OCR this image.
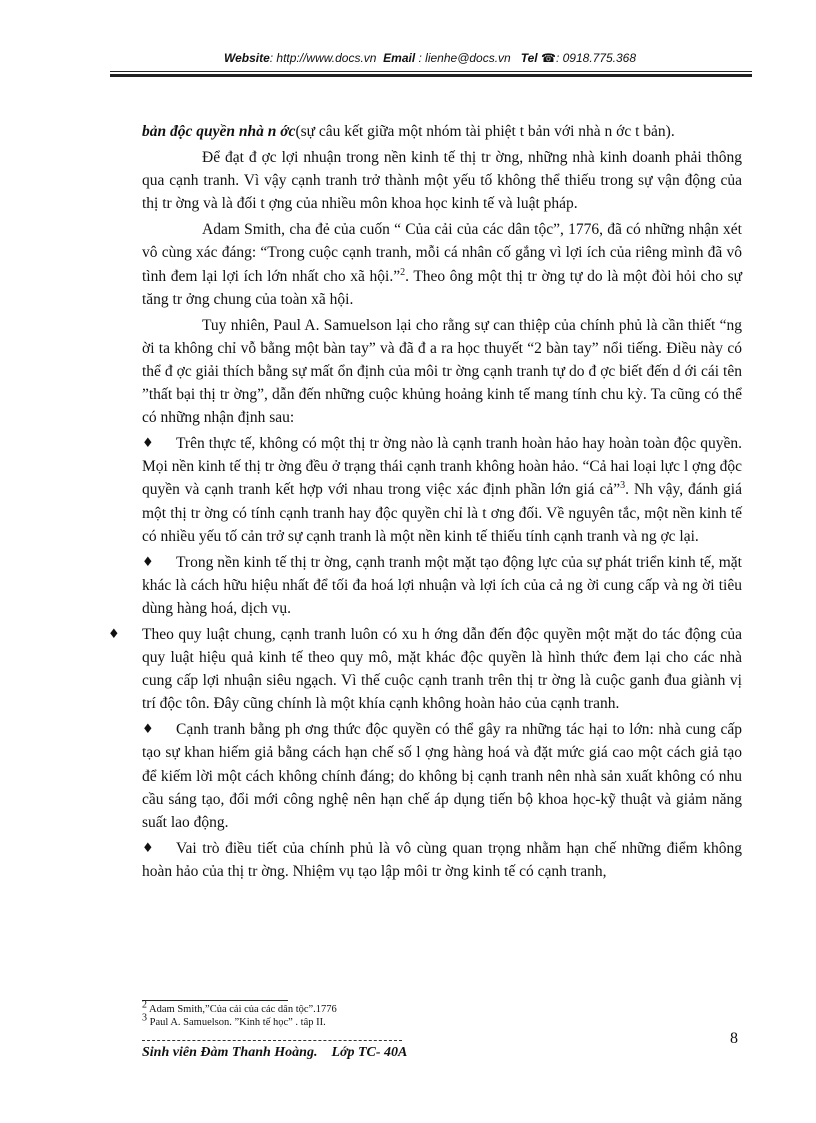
Website: http://www.docs.vn Email : lienhe@docs.vn Tel ☎: 0918.775.368

bản độc quyền nhà n ớc(sự câu kết giữa một nhóm tài phiệt t bản với nhà n ớc t bản).

Để đạt đ ợc lợi nhuận trong nền kinh tế thị tr ờng, những nhà kinh doanh phải thông qua cạnh tranh. Vì vậy cạnh tranh trở thành một yếu tố không thể thiếu trong sự vận động của thị tr ờng và là đối t ợng của nhiều môn khoa học kinh tế và luật pháp.

Adam Smith, cha đẻ của cuốn “ Của cải của các dân tộc”, 1776, đã có những nhận xét vô cùng xác đáng: “Trong cuộc cạnh tranh, mỗi cá nhân cố gắng vì lợi ích của riêng mình đã vô tình đem lại lợi ích lớn nhất cho xã hội.”$^2$. Theo ông một thị tr ờng tự do là một đòi hỏi cho sự tăng tr ởng chung của toàn xã hội.

Tuy nhiên, Paul A. Samuelson lại cho rằng sự can thiệp của chính phủ là cần thiết “ng ời ta không chỉ vỗ bằng một bàn tay” và đã đ a ra học thuyết “2 bàn tay” nổi tiếng. Điều này có thể đ ợc giải thích bằng sự mất ổn định của môi tr ờng cạnh tranh tự do đ ợc biết đến d ới cái tên ”thất bại thị tr ờng”, dẫn đến những cuộc khủng hoảng kinh tế mang tính chu kỳ. Ta cũng có thể có những nhận định sau:

♦ Trên thực tế, không có một thị tr ờng nào là cạnh tranh hoàn hảo hay hoàn toàn độc quyền. Mọi nền kinh tế thị tr ờng đều ở trạng thái cạnh tranh không hoàn hảo. “Cả hai loại lực l ợng độc quyền và cạnh tranh kết hợp với nhau trong việc xác định phần lớn giá cả”$^3$. Nh vậy, đánh giá một thị tr ờng có tính cạnh tranh hay độc quyền chỉ là t ơng đối. Về nguyên tắc, một nền kinh tế có nhiều yếu tố cản trở sự cạnh tranh là một nền kinh tế thiếu tính cạnh tranh và ng ợc lại.

♦ Trong nền kinh tế thị tr ờng, cạnh tranh một mặt tạo động lực của sự phát triển kinh tế, mặt khác là cách hữu hiệu nhất để tối đa hoá lợi nhuận và lợi ích của cả ng ời cung cấp và ng ời tiêu dùng hàng hoá, dịch vụ.

♦ Theo quy luật chung, cạnh tranh luôn có xu h ớng dẫn đến độc quyền một mặt do tác động của quy luật hiệu quả kinh tế theo quy mô, mặt khác độc quyền là hình thức đem lại cho các nhà cung cấp lợi nhuận siêu ngạch. Vì thế cuộc cạnh tranh trên thị tr ờng là cuộc ganh đua giành vị trí độc tôn. Đây cũng chính là một khía cạnh không hoàn hảo của cạnh tranh.

♦ Cạnh tranh bằng ph ơng thức độc quyền có thể gây ra những tác hại to lớn: nhà cung cấp tạo sự khan hiếm giả bằng cách hạn chế số l ợng hàng hoá và đặt mức giá cao một cách giả tạo để kiếm lời một cách không chính đáng; do không bị cạnh tranh nên nhà sản xuất không có nhu cầu sáng tạo, đổi mới công nghệ nên hạn chế áp dụng tiến bộ khoa học-kỹ thuật và giảm năng suất lao động.

♦ Vai trò điều tiết của chính phủ là vô cùng quan trọng nhằm hạn chế những điểm không hoàn hảo của thị tr ờng. Nhiệm vụ tạo lập môi tr ờng kinh tế có cạnh tranh,

$^2$ Adam Smith,”Của cải của các dân tộc”.1776
$^3$ Paul A. Samuelson. ”Kinh tế học” . tâp II.
Sinh viên Đàm Thanh Hoàng.    Lớp TC- 40A
8
